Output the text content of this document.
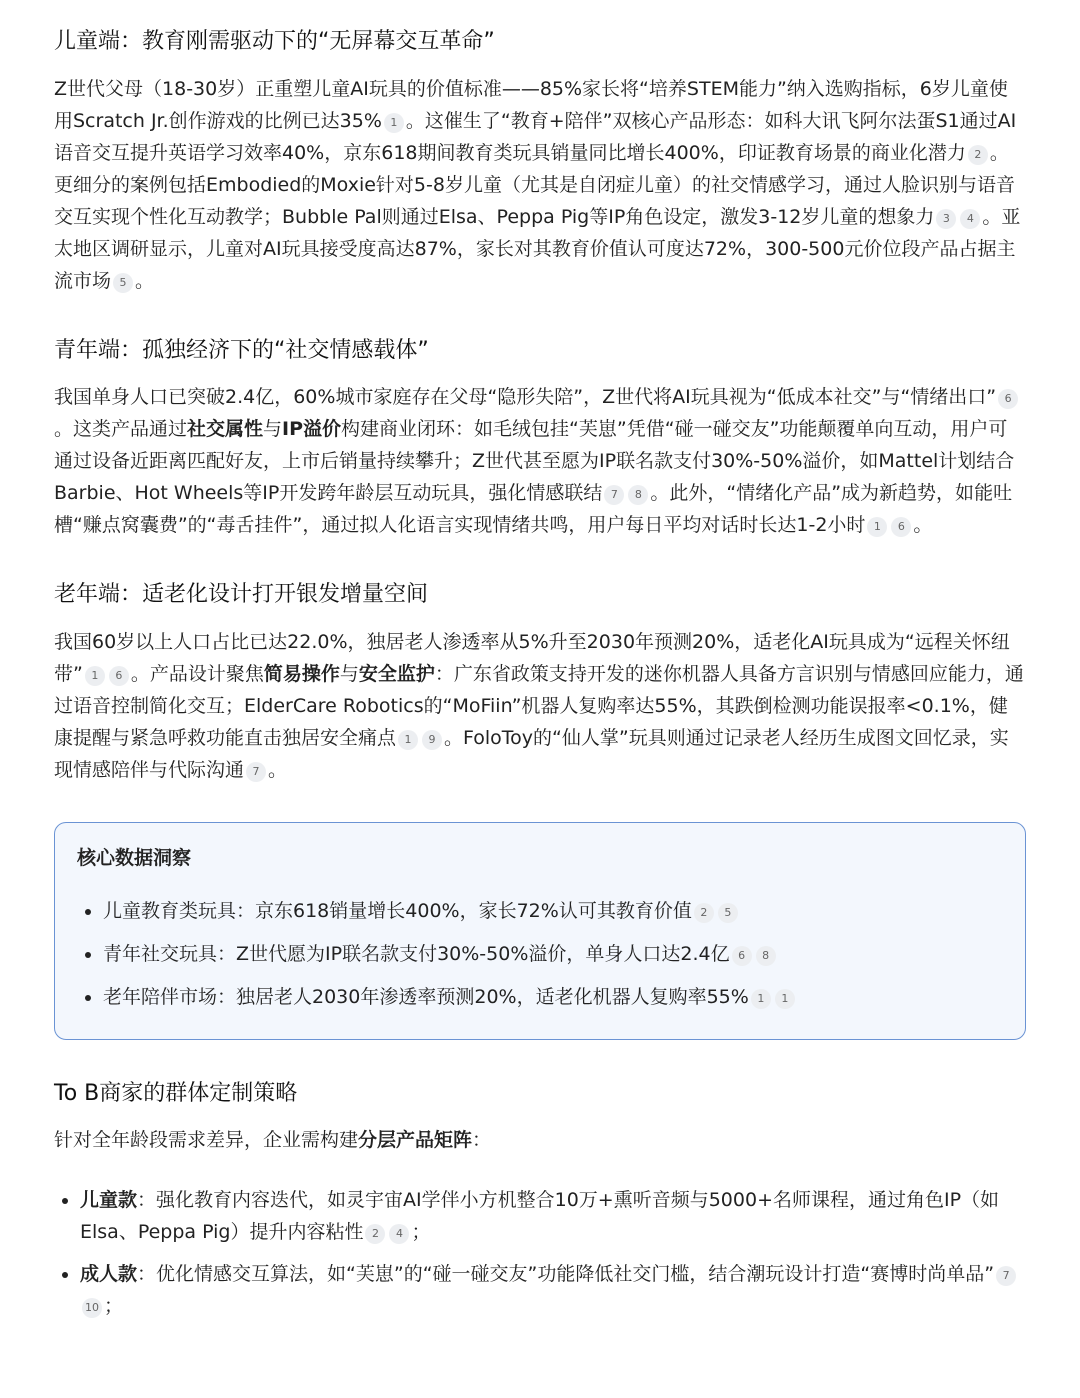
儿童端：教育刚需驱动下的“无屏幕交互革命”

Z世代父母（18-30岁）正重塑儿童AI玩具的价值标准——85%家长将“培养STEM能力”纳入选购指标，6岁儿童使用Scratch Jr.创作游戏的比例已达35% 1 。这催生了“教育+陪伴”双核心产品形态：如科大讯飞阿尔法蛋S1通过AI语音交互提升英语学习效率40%，京东618期间教育类玩具销量同比增长400%，印证教育场景的商业化潜力 2 。更细分的案例包括Embodied的Moxie针对5-8岁儿童（尤其是自闭症儿童）的社交情感学习，通过人脸识别与语音交互实现个性化互动教学；Bubble Pal则通过Elsa、Peppa Pig等IP角色设定，激发3-12岁儿童的想象力 3 4 。亚太地区调研显示，儿童对AI玩具接受度高达87%，家长对其教育价值认可度达72%，300-500元价位段产品占据主流市场 5 。

青年端：孤独经济下的“社交情感载体”

我国单身人口已突破2.4亿，60%城市家庭存在父母“隐形失陪”，Z世代将AI玩具视为“低成本社交”与“情绪出口” 6。这类产品通过社交属性与IP溢价构建商业闭环：如毛绒包挂“芙崽”凭借“碰一碰交友”功能颠覆单向互动，用户可通过设备近距离匹配好友，上市后销量持续攀升；Z世代甚至愿为IP联名款支付30%-50%溢价，如Mattel计划结合Barbie、Hot Wheels等IP开发跨年龄层互动玩具，强化情感联结 7 8 。此外，“情绪化产品”成为新趋势，如能吐槽“赚点窝囊费”的“毒舌挂件”，通过拟人化语言实现情绪共鸣，用户每日平均对话时长达1-2小时 1 6 。

老年端：适老化设计打开银发增量空间

我国60岁以上人口占比已达22.0%，独居老人渗透率从5%升至2030年预测20%，适老化AI玩具成为“远程关怀纽带” 1 6 。产品设计聚焦简易操作与安全监护：广东省政策支持开发的迷你机器人具备方言识别与情感回应能力，通过语音控制简化交互；ElderCare Robotics的“MoFiin”机器人复购率达55%，其跌倒检测功能误报率<0.1%，健康提醒与紧急呼救功能直击独居安全痛点 1 9 。FoloToy的“仙人掌”玩具则通过记录老人经历生成图文回忆录，实现情感陪伴与代际沟通 7 。

核心数据洞察
• 儿童教育类玩具：京东618销量增长400%，家长72%认可其教育价值 2 5
• 青年社交玩具：Z世代愿为IP联名款支付30%-50%溢价，单身人口达2.4亿 6 8
• 老年陪伴市场：独居老人2030年渗透率预测20%，适老化机器人复购率55% 1 1
To B商家的群体定制策略

针对全年龄段需求差异，企业需构建分层产品矩阵：

• 儿童款：强化教育内容迭代，如灵宇宙AI学伴小方机整合10万+熏听音频与5000+名师课程，通过角色IP（如Elsa、Peppa Pig）提升内容粘性 2 4 ；
• 成人款：优化情感交互算法，如“芙崽”的“碰一碰交友”功能降低社交门槛，结合潮玩设计打造“赛博时尚单品” 710 ；
